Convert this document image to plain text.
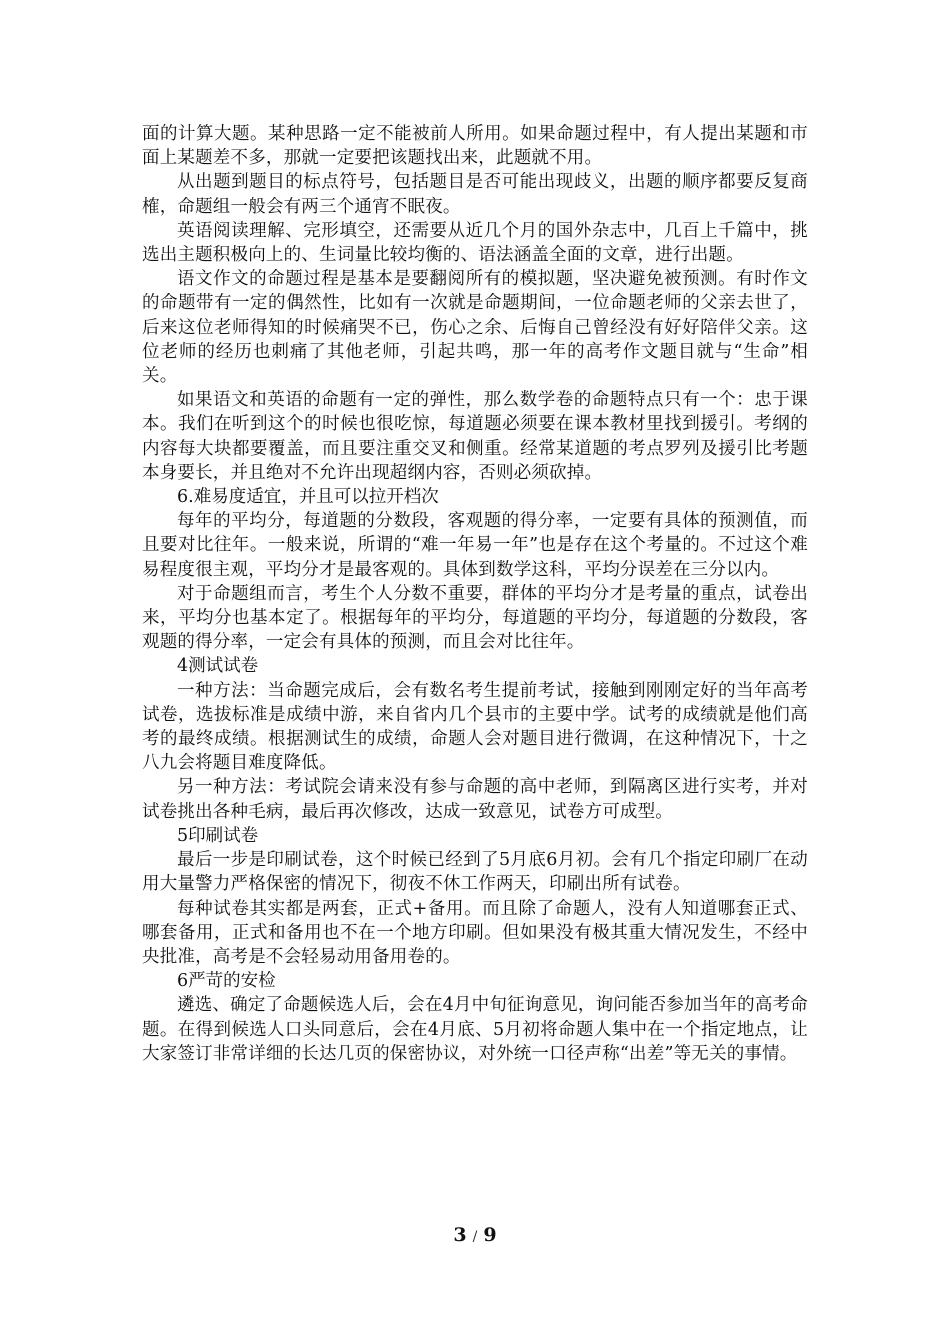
面的计算大题。某种思路一定不能被前人所用。如果命题过程中，有人提出某题和市面上某题差不多，那就一定要把该题找出来，此题就不用。

从出题到题目的标点符号，包括题目是否可能出现歧义，出题的顺序都要反复商榷，命题组一般会有两三个通宵不眠夜。

英语阅读理解、完形填空，还需要从近几个月的国外杂志中，几百上千篇中，挑选出主题积极向上的、生词量比较均衡的、语法涵盖全面的文章，进行出题。

语文作文的命题过程是基本是要翻阅所有的模拟题，坚决避免被预测。有时作文的命题带有一定的偶然性，比如有一次就是命题期间，一位命题老师的父亲去世了，后来这位老师得知的时候痛哭不已，伤心之余、后悔自己曾经没有好好陪伴父亲。这位老师的经历也刺痛了其他老师，引起共鸣，那一年的高考作文题目就与“生命”相关。

如果语文和英语的命题有一定的弹性，那么数学卷的命题特点只有一个：忠于课本。我们在听到这个的时候也很吃惊，每道题必须要在课本教材里找到援引。考纲的内容每大块都要覆盖，而且要注重交叉和侧重。经常某道题的考点罗列及援引比考题本身要长，并且绝对不允许出现超纲内容，否则必须砍掉。

6.难易度适宜，并且可以拉开档次

每年的平均分，每道题的分数段，客观题的得分率，一定要有具体的预测值，而且要对比往年。一般来说，所谓的“难一年易一年”也是存在这个考量的。不过这个难易程度很主观，平均分才是最客观的。具体到数学这科，平均分误差在三分以内。

对于命题组而言，考生个人分数不重要，群体的平均分才是考量的重点，试卷出来，平均分也基本定了。根据每年的平均分，每道题的平均分，每道题的分数段，客观题的得分率，一定会有具体的预测，而且会对比往年。

4测试试卷

一种方法：当命题完成后，会有数名考生提前考试，接触到刚刚定好的当年高考试卷，选拔标准是成绩中游，来自省内几个县市的主要中学。试考的成绩就是他们高考的最终成绩。根据测试生的成绩，命题人会对题目进行微调，在这种情况下，十之八九会将题目难度降低。

另一种方法：考试院会请来没有参与命题的高中老师，到隔离区进行实考，并对试卷挑出各种毛病，最后再次修改，达成一致意见，试卷方可成型。

5印刷试卷

最后一步是印刷试卷，这个时候已经到了5月底6月初。会有几个指定印刷厂在动用大量警力严格保密的情况下，彻夜不休工作两天，印刷出所有试卷。

每种试卷其实都是两套，正式+备用。而且除了命题人，没有人知道哪套正式、哪套备用，正式和备用也不在一个地方印刷。但如果没有极其重大情况发生，不经中央批准，高考是不会轻易动用备用卷的。

6严苛的安检

遴选、确定了命题候选人后，会在4月中旬征询意见，询问能否参加当年的高考命题。在得到候选人口头同意后，会在4月底、5月初将命题人集中在一个指定地点，让大家签订非常详细的长达几页的保密协议，对外统一口径声称“出差”等无关的事情。

3 / 9
